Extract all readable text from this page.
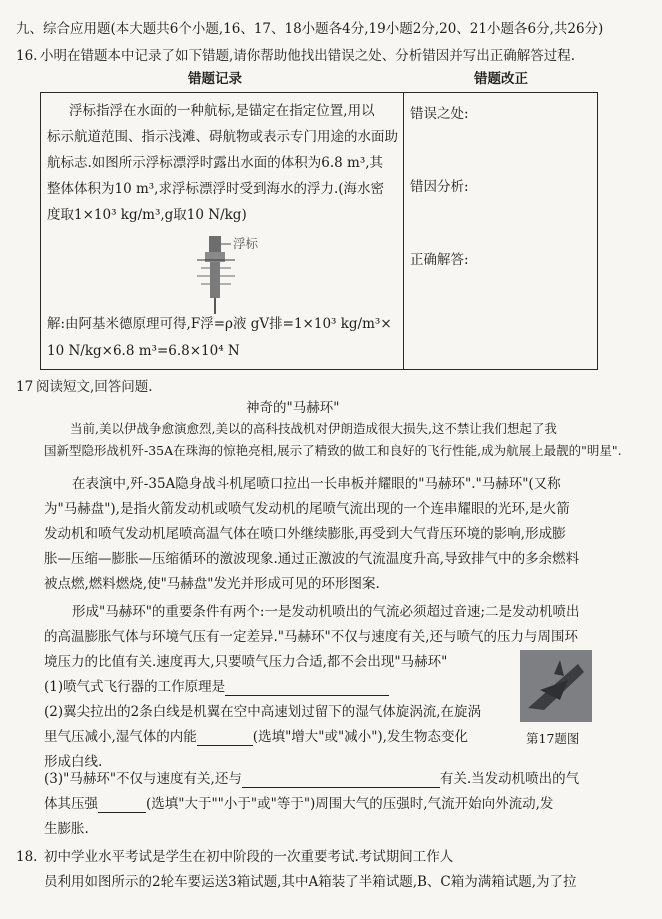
九、综合应用题(本大题共6个小题,16、17、18小题各4分,19小题2分,20、21小题各6分,共26分)
16. 小明在错题本中记录了如下错题,请你帮助他找出错误之处、分析错因并写出正确解答过程.
错题记录	错题改正
浮标指浮在水面的一种航标,是锚定在指定位置,用以
标示航道范围、指示浅滩、碍航物或表示专门用途的水面助
航标志.如图所示浮标漂浮时露出水面的体积为6.8 m³,其
整体体积为10 m³,求浮标漂浮时受到海水的浮力.(海水密
度取1×10³ kg/m³,g取10 N/kg)
浮标
解:由阿基米德原理可得,F浮=ρ液 gV排=1×10³ kg/m³×
10 N/kg×6.8 m³=6.8×10⁴ N

错误之处:
错因分析:
正确解答:
17 阅读短文,回答问题.
神奇的"马赫环"
当前,美以伊战争愈演愈烈,美以的高科技战机对伊朗造成很大损失,这不禁让我们想起了我
国新型隐形战机歼-35A在珠海的惊艳亮相,展示了精致的做工和良好的飞行性能,成为航展上最靓的"明星".
在表演中,歼-35A隐身战斗机尾喷口拉出一长串板并耀眼的"马赫环"."马赫环"(又称
为"马赫盘"),是指火箭发动机或喷气发动机的尾喷气流出现的一个连串耀眼的光环,是火箭
发动机和喷气发动机尾喷高温气体在喷口外继续膨胀,再受到大气背压环境的影响,形成膨
胀—压缩—膨胀—压缩循环的激波现象.通过正激波的气流温度升高,导致排气中的多余燃料
被点燃,燃料燃烧,使"马赫盘"发光并形成可见的环形图案.
形成"马赫环"的重要条件有两个:一是发动机喷出的气流必须超过音速;二是发动机喷出
的高温膨胀气体与环境气压有一定差异."马赫环"不仅与速度有关,还与喷气的压力与周围环
境压力的比值有关.速度再大,只要喷气压力合适,都不会出现"马赫环"
(1)喷气式飞行器的工作原理是
(2)翼尖拉出的2条白线是机翼在空中高速划过留下的湿气体旋涡流,在旋涡
里气压减小,湿气体的内能	(选填"增大"或"减小"),发生物态变化
形成白线.
第17题图
(3)"马赫环"不仅与速度有关,还与	有关.当发动机喷出的气
体其压强	(选填"大于""小于"或"等于")周围大气的压强时,气流开始向外流动,发
生膨胀.
18. 初中学业水平考试是学生在初中阶段的一次重要考试.考试期间工作人
员利用如图所示的2轮车要运送3箱试题,其中A箱装了半箱试题,B、C箱为满箱试题,为了拉
